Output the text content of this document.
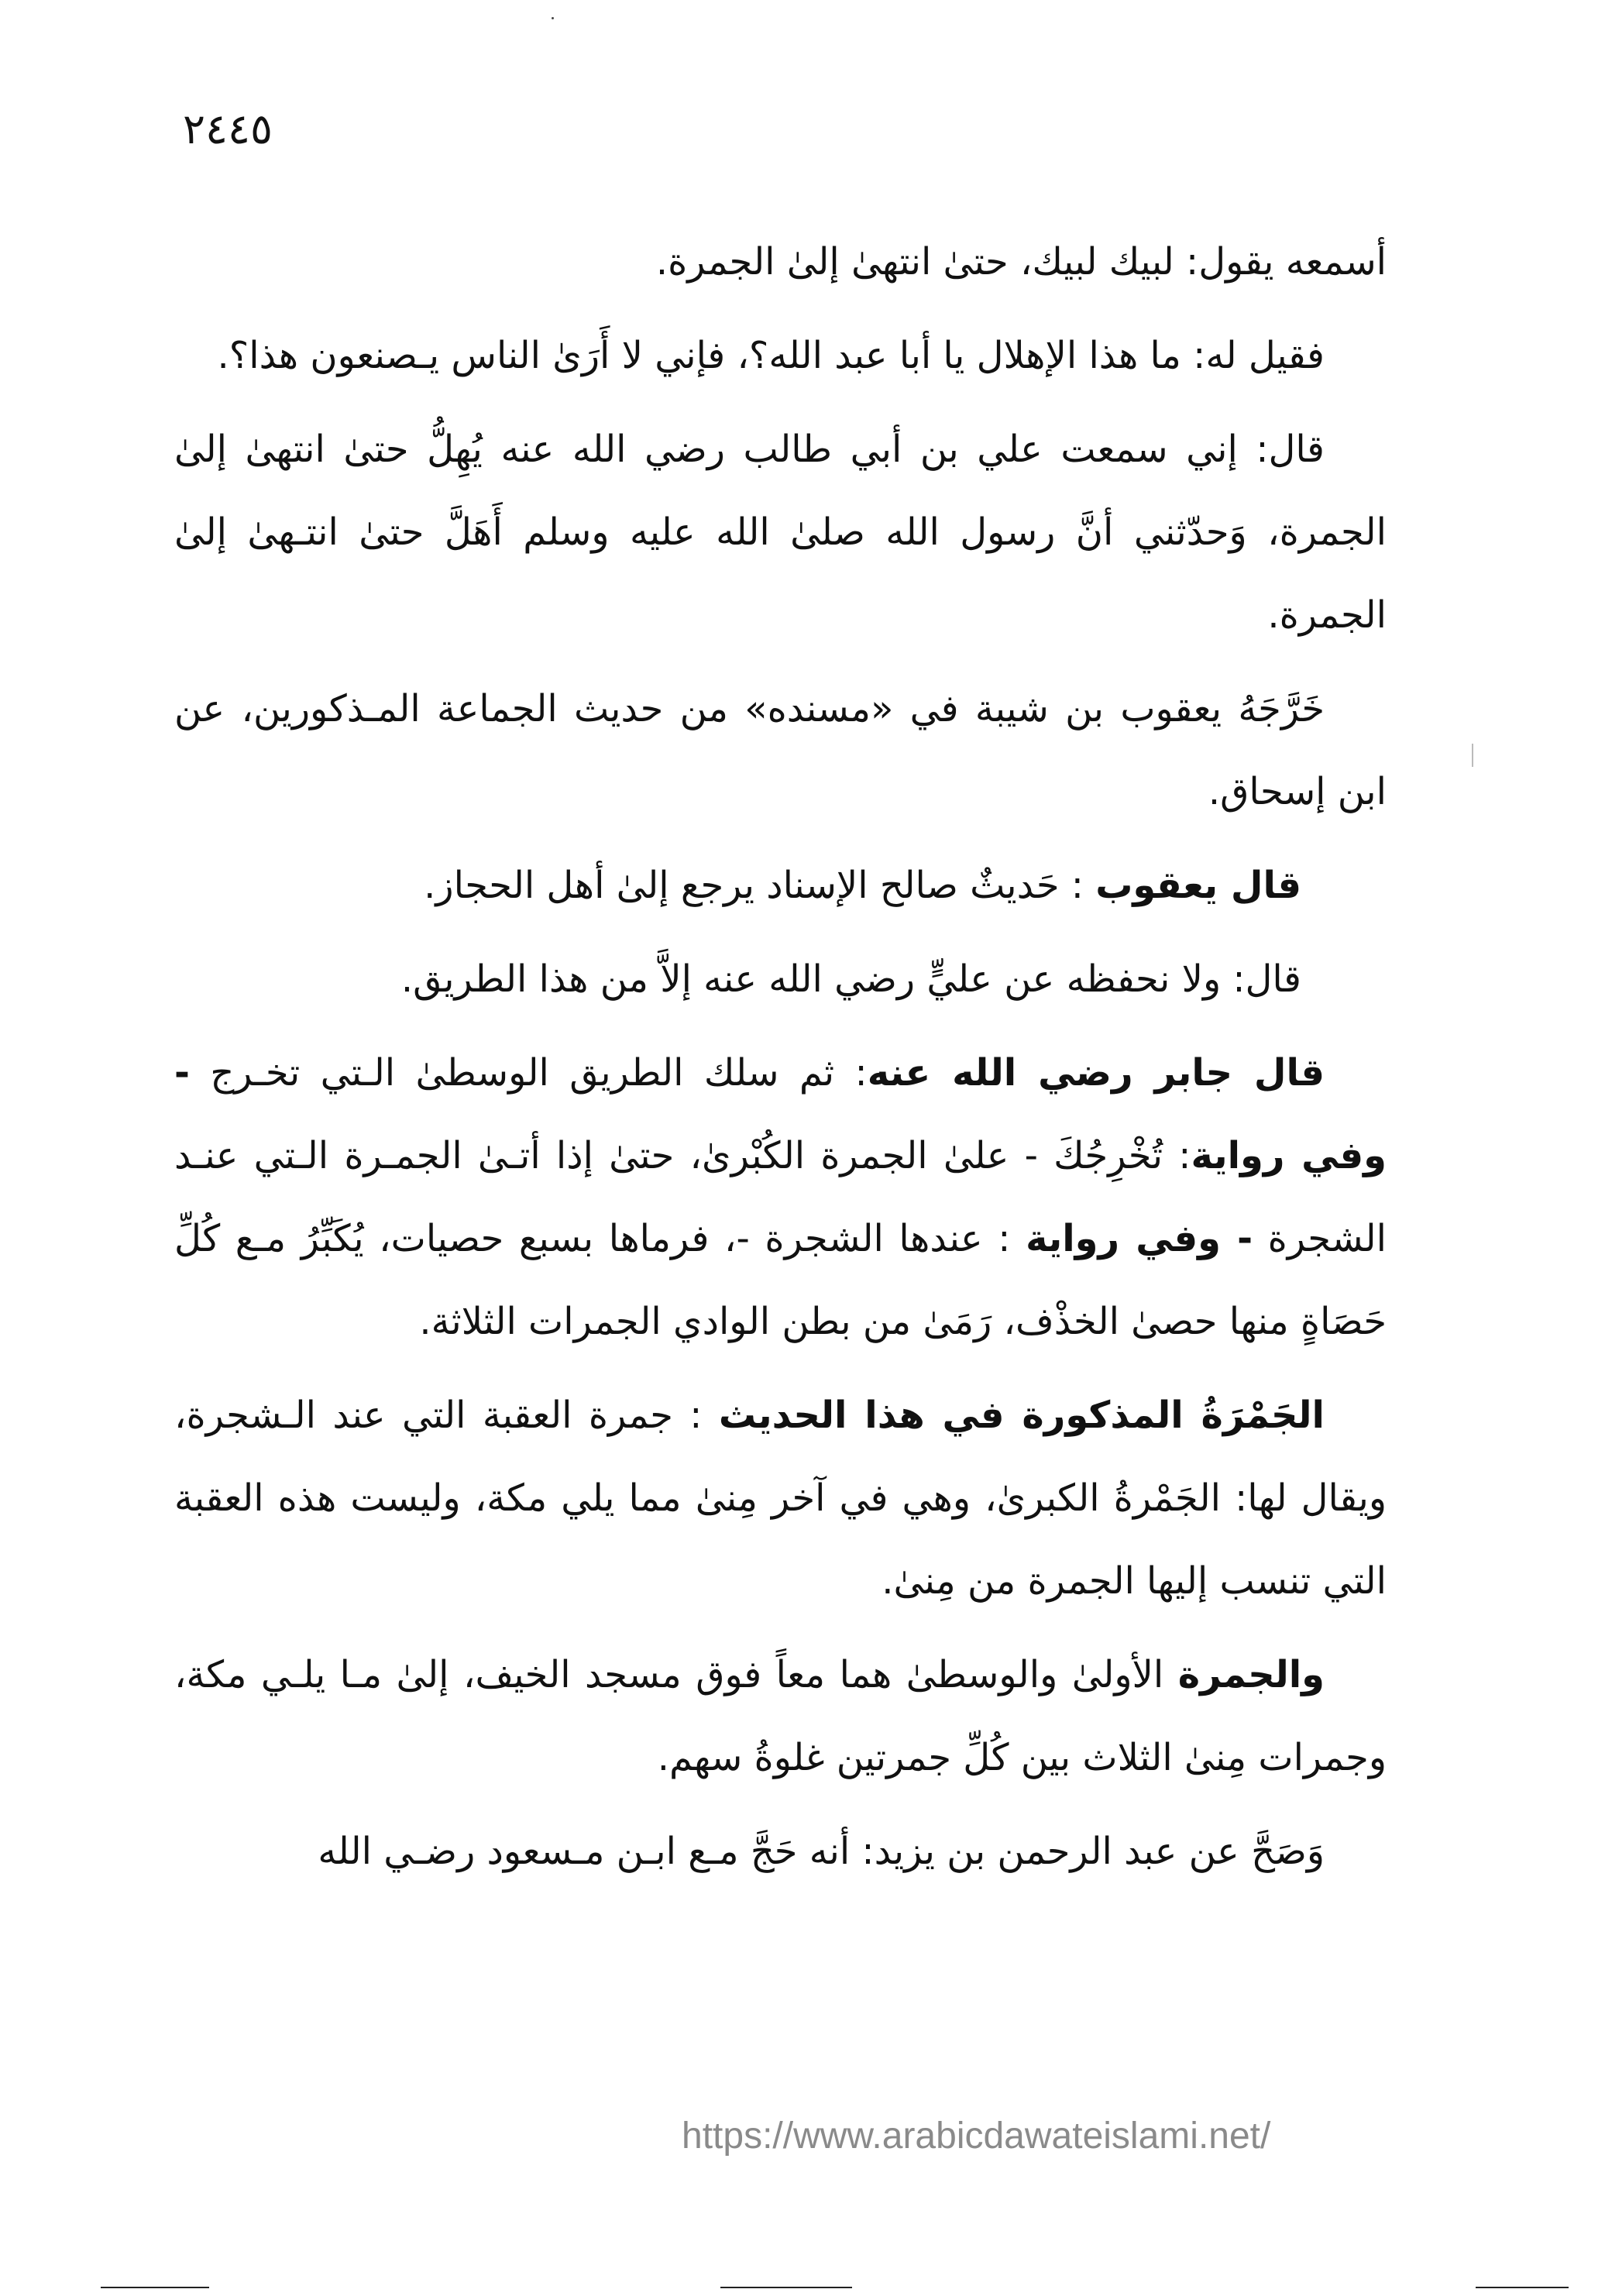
٢٤٤٥

أسمعه يقول: لبيك لبيك، حتىٰ انتهىٰ إلىٰ الجمرة.

فقيل له: ما هذا الإهلال يا أبا عبد الله؟، فإني لا أَرَىٰ الناس يـصنعون هذا؟.

قال: إني سمعت علي بن أبي طالب رضي الله عنه يُهِلُّ حتىٰ انتهىٰ إلىٰ الجمرة، وَحدّثني أنَّ رسول الله صلىٰ الله عليه وسلم أَهَلَّ حتىٰ انتـهىٰ إلىٰ الجمرة.

خَرَّجَهُ يعقوب بن شيبة في «مسنده» من حديث الجماعة المـذكورين، عن ابن إسحاق.

قال يعقوب : حَديثٌ صالح الإسناد يرجع إلىٰ أهل الحجاز.

قال: ولا نحفظه عن عليٍّ رضي الله عنه إلاَّ من هذا الطريق.

قال جابر رضي الله عنه: ثم سلك الطريق الوسطىٰ الـتي تخـرج - وفي رواية: تُخْرِجُكَ - علىٰ الجمرة الكُبْرىٰ، حتىٰ إذا أتـىٰ الجمـرة الـتي عنـد الشجرة - وفي رواية : عندها الشجرة -، فرماها بسبع حصيات، يُكَبِّرُ مـع كُلِّ حَصَاةٍ منها حصىٰ الخذْف، رَمَىٰ من بطن الوادي الجمرات الثلاثة.

الجَمْرَةُ المذكورة في هذا الحديث : جمرة العقبة التي عند الـشجرة، ويقال لها: الجَمْرةُ الكبرىٰ، وهي في آخر مِنىٰ مما يلي مكة، وليست هذه العقبة التي تنسب إليها الجمرة من مِنىٰ.

والجمرة الأولىٰ والوسطىٰ هما معاً فوق مسجد الخيف، إلىٰ مـا يلـي مكة، وجمرات مِنىٰ الثلاث بين كُلِّ جمرتين غلوةُ سهم.

وَصَحَّ عن عبد الرحمن بن يزيد: أنه حَجَّ مـع ابـن مـسعود رضـي الله

https://www.arabicdawateislami.net/
